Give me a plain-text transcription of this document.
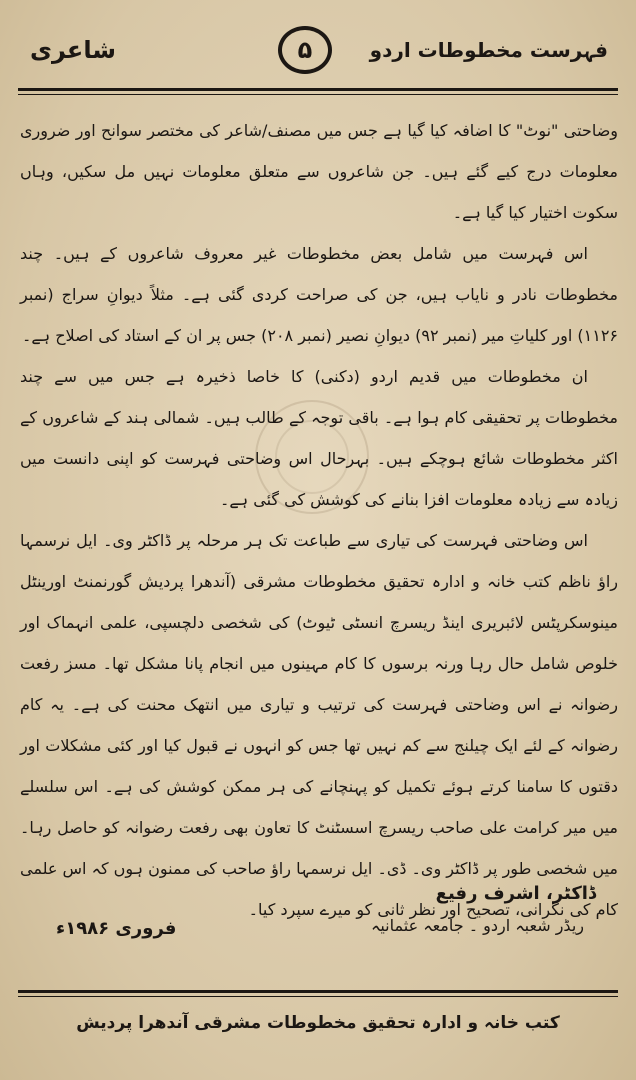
شاعری	۵	فہرست مخطوطات اردو

وضاحتی "نوٹ" کا اضافہ کیا گیا ہے جس میں مصنف/شاعر کی مختصر سوانح اور ضروری معلومات درج کیے گئے ہیں۔ جن شاعروں سے متعلق معلومات نہیں مل سکیں، وہاں سکوت اختیار کیا گیا ہے۔

اس فہرست میں شامل بعض مخطوطات غیر معروف شاعروں کے ہیں۔ چند مخطوطات نادر و نایاب ہیں، جن کی صراحت کردی گئی ہے۔ مثلاً دیوانِ سراج (نمبر ۱۱۲۶) اور کلیاتِ میر (نمبر ۹۲) دیوانِ نصیر (نمبر ۲۰۸) جس پر ان کے استاد کی اصلاح ہے۔

ان مخطوطات میں قدیم اردو (دکنی) کا خاصا ذخیرہ ہے جس میں سے چند مخطوطات پر تحقیقی کام ہوا ہے۔ باقی توجہ کے طالب ہیں۔ شمالی ہند کے شاعروں کے اکثر مخطوطات شائع ہوچکے ہیں۔ بہرحال اس وضاحتی فہرست کو اپنی دانست میں زیادہ سے زیادہ معلومات افزا بنانے کی کوشش کی گئی ہے۔

اس وضاحتی فہرست کی تیاری سے طباعت تک ہر مرحلہ پر ڈاکٹر وی۔ ایل نرسمہا راؤ ناظم کتب خانہ و ادارہ تحقیق مخطوطات مشرقی (آندھرا پردیش گورنمنٹ اورینٹل مینوسکرپٹس لائبریری اینڈ ریسرچ انسٹی ٹیوٹ) کی شخصی دلچسپی، علمی انہماک اور خلوص شامل حال رہا ورنہ برسوں کا کام مہینوں میں انجام پانا مشکل تھا۔ مسز رفعت رضوانہ نے اس وضاحتی فہرست کی ترتیب و تیاری میں انتھک محنت کی ہے۔ یہ کام رضوانہ کے لئے ایک چیلنج سے کم نہیں تھا جس کو انہوں نے قبول کیا اور کئی مشکلات اور دقتوں کا سامنا کرتے ہوئے تکمیل کو پہنچانے کی ہر ممکن کوشش کی ہے۔ اس سلسلے میں میر کرامت علی صاحب ریسرچ اسسٹنٹ کا تعاون بھی رفعت رضوانہ کو حاصل رہا۔ میں شخصی طور پر ڈاکٹر وی۔ ڈی۔ ایل نرسمہا راؤ صاحب کی ممنون ہوں کہ اس علمی کام کی نگرانی، تصحیح اور نظر ثانی کو میرے سپرد کیا۔

ڈاکٹر، اشرف رفیع
ریڈر شعبہ اردو ۔ جامعہ عثمانیہ
فروری ۱۹۸۶ء
کتب خانہ و ادارہ تحقیق مخطوطات مشرقی آندھرا پردیش
